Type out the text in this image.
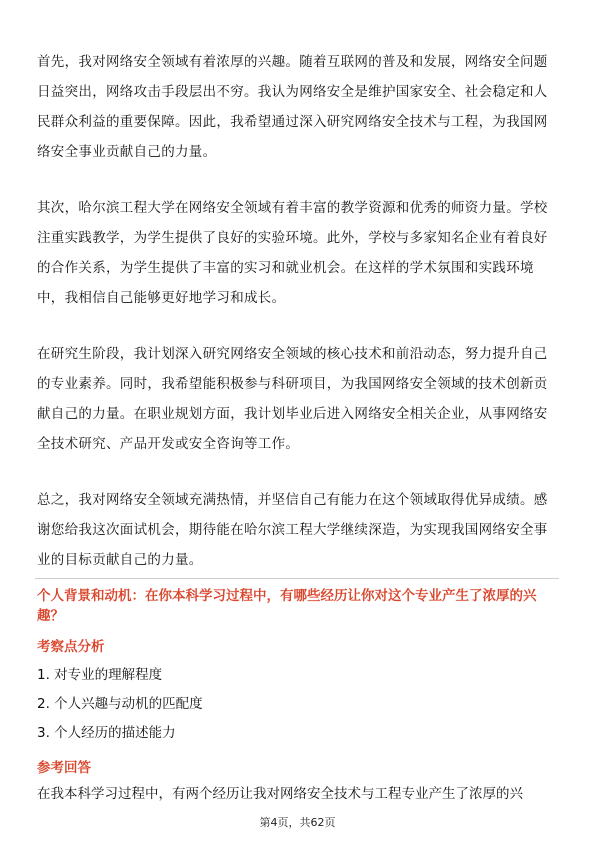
首先，我对网络安全领域有着浓厚的兴趣。随着互联网的普及和发展，网络安全问题日益突出，网络攻击手段层出不穷。我认为网络安全是维护国家安全、社会稳定和人民群众利益的重要保障。因此，我希望通过深入研究网络安全技术与工程，为我国网络安全事业贡献自己的力量。

其次，哈尔滨工程大学在网络安全领域有着丰富的教学资源和优秀的师资力量。学校注重实践教学，为学生提供了良好的实验环境。此外，学校与多家知名企业有着良好的合作关系，为学生提供了丰富的实习和就业机会。在这样的学术氛围和实践环境中，我相信自己能够更好地学习和成长。

在研究生阶段，我计划深入研究网络安全领域的核心技术和前沿动态，努力提升自己的专业素养。同时，我希望能积极参与科研项目，为我国网络安全领域的技术创新贡献自己的力量。在职业规划方面，我计划毕业后进入网络安全相关企业，从事网络安全技术研究、产品开发或安全咨询等工作。

总之，我对网络安全领域充满热情，并坚信自己有能力在这个领域取得优异成绩。感谢您给我这次面试机会，期待能在哈尔滨工程大学继续深造，为实现我国网络安全事业的目标贡献自己的力量。

个人背景和动机：在你本科学习过程中，有哪些经历让你对这个专业产生了浓厚的兴趣？

考察点分析

1. 对专业的理解程度

2. 个人兴趣与动机的匹配度

3. 个人经历的描述能力

参考回答

在我本科学习过程中，有两个经历让我对网络安全技术与工程专业产生了浓厚的兴

第4页，共62页
